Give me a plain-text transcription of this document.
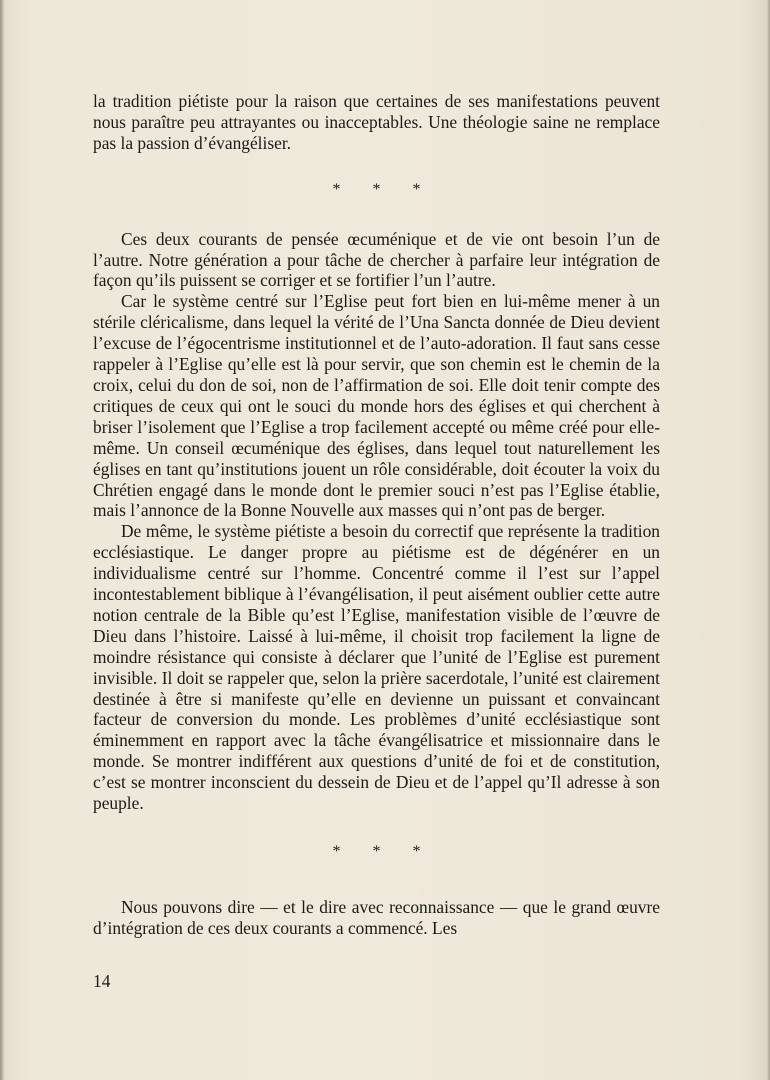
la tradition piétiste pour la raison que certaines de ses manifestations peuvent nous paraître peu attrayantes ou inacceptables. Une théologie saine ne remplace pas la passion d’évangéliser.

* * *

Ces deux courants de pensée œcuménique et de vie ont besoin l’un de l’autre. Notre génération a pour tâche de chercher à parfaire leur intégration de façon qu’ils puissent se corriger et se fortifier l’un l’autre.

Car le système centré sur l’Eglise peut fort bien en lui-même mener à un stérile cléricalisme, dans lequel la vérité de l’Una Sancta donnée de Dieu devient l’excuse de l’égocentrisme institutionnel et de l’auto-adoration. Il faut sans cesse rappeler à l’Eglise qu’elle est là pour servir, que son chemin est le chemin de la croix, celui du don de soi, non de l’affirmation de soi. Elle doit tenir compte des critiques de ceux qui ont le souci du monde hors des églises et qui cherchent à briser l’isolement que l’Eglise a trop facilement accepté ou même créé pour elle-même. Un conseil œcuménique des églises, dans lequel tout naturellement les églises en tant qu’institutions jouent un rôle considérable, doit écouter la voix du Chrétien engagé dans le monde dont le premier souci n’est pas l’Eglise établie, mais l’annonce de la Bonne Nouvelle aux masses qui n’ont pas de berger.

De même, le système piétiste a besoin du correctif que représente la tradition ecclésiastique. Le danger propre au piétisme est de dégénérer en un individualisme centré sur l’homme. Concentré comme il l’est sur l’appel incontestablement biblique à l’évangélisation, il peut aisément oublier cette autre notion centrale de la Bible qu’est l’Eglise, manifestation visible de l’œuvre de Dieu dans l’histoire. Laissé à lui-même, il choisit trop facilement la ligne de moindre résistance qui consiste à déclarer que l’unité de l’Eglise est purement invisible. Il doit se rappeler que, selon la prière sacerdotale, l’unité est clairement destinée à être si manifeste qu’elle en devienne un puissant et convaincant facteur de conversion du monde. Les problèmes d’unité ecclésiastique sont éminemment en rapport avec la tâche évangélisatrice et missionnaire dans le monde. Se montrer indifférent aux questions d’unité de foi et de constitution, c’est se montrer inconscient du dessein de Dieu et de l’appel qu’Il adresse à son peuple.

* * *

Nous pouvons dire — et le dire avec reconnaissance — que le grand œuvre d’intégration de ces deux courants a commencé. Les

14
